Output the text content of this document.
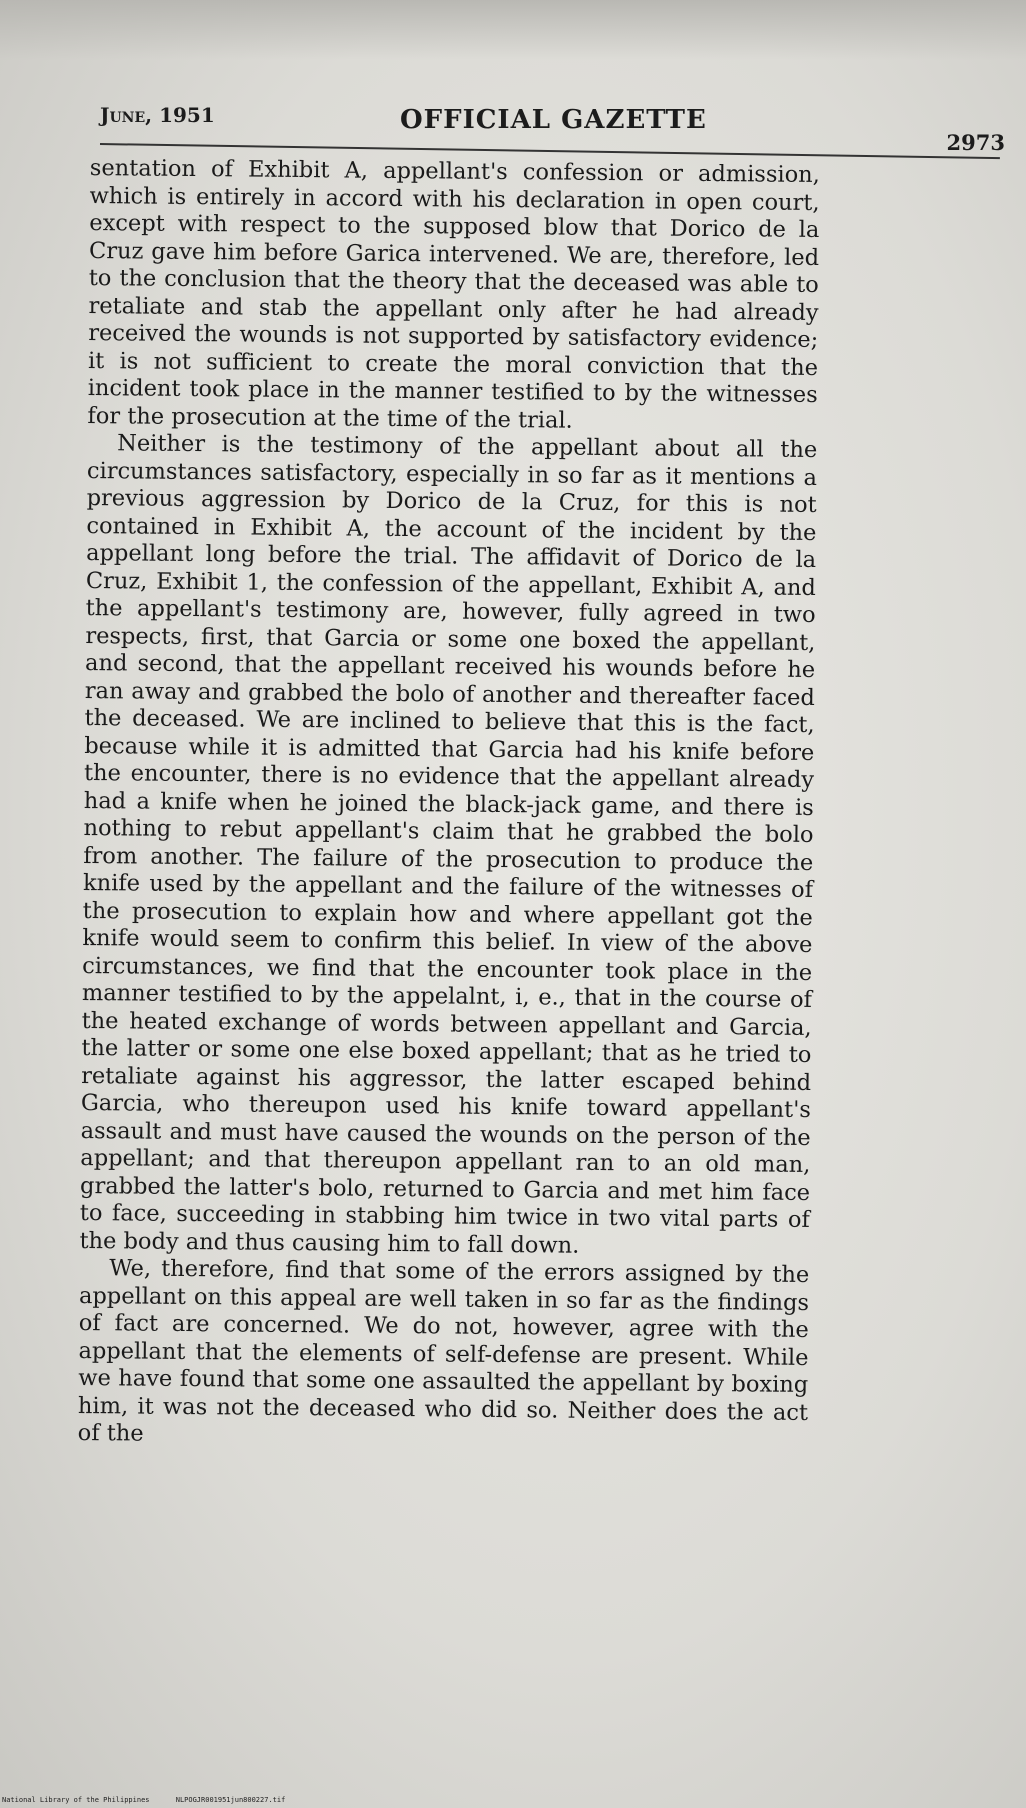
June, 1951	OFFICIAL GAZETTE
2973

sentation of Exhibit A, appellant's confession or admission, which is entirely in accord with his declaration in open court, except with respect to the supposed blow that Dorico de la Cruz gave him before Garica intervened. We are, therefore, led to the conclusion that the theory that the deceased was able to retaliate and stab the appellant only after he had already received the wounds is not supported by satisfactory evidence; it is not sufficient to create the moral conviction that the incident took place in the manner testified to by the witnesses for the prosecution at the time of the trial.

Neither is the testimony of the appellant about all the circumstances satisfactory, especially in so far as it mentions a previous aggression by Dorico de la Cruz, for this is not contained in Exhibit A, the account of the incident by the appellant long before the trial. The affidavit of Dorico de la Cruz, Exhibit 1, the confession of the appellant, Exhibit A, and the appellant's testimony are, however, fully agreed in two respects, first, that Garcia or some one boxed the appellant, and second, that the appellant received his wounds before he ran away and grabbed the bolo of another and thereafter faced the deceased. We are inclined to believe that this is the fact, because while it is admitted that Garcia had his knife before the encounter, there is no evidence that the appellant already had a knife when he joined the black-jack game, and there is nothing to rebut appellant's claim that he grabbed the bolo from another. The failure of the prosecution to produce the knife used by the appellant and the failure of the witnesses of the prosecution to explain how and where appellant got the knife would seem to confirm this belief. In view of the above circumstances, we find that the encounter took place in the manner testified to by the appelalnt, i, e., that in the course of the heated exchange of words between appellant and Garcia, the latter or some one else boxed appellant; that as he tried to retaliate against his aggressor, the latter escaped behind Garcia, who thereupon used his knife toward appellant's assault and must have caused the wounds on the person of the appellant; and that thereupon appellant ran to an old man, grabbed the latter's bolo, returned to Garcia and met him face to face, succeeding in stabbing him twice in two vital parts of the body and thus causing him to fall down.

We, therefore, find that some of the errors assigned by the appellant on this appeal are well taken in so far as the findings of fact are concerned. We do not, however, agree with the appellant that the elements of self-defense are present. While we have found that some one assaulted the appellant by boxing him, it was not the deceased who did so. Neither does the act of the

National Library of the Philippines	NLPOGJR001951jun800227.tif
